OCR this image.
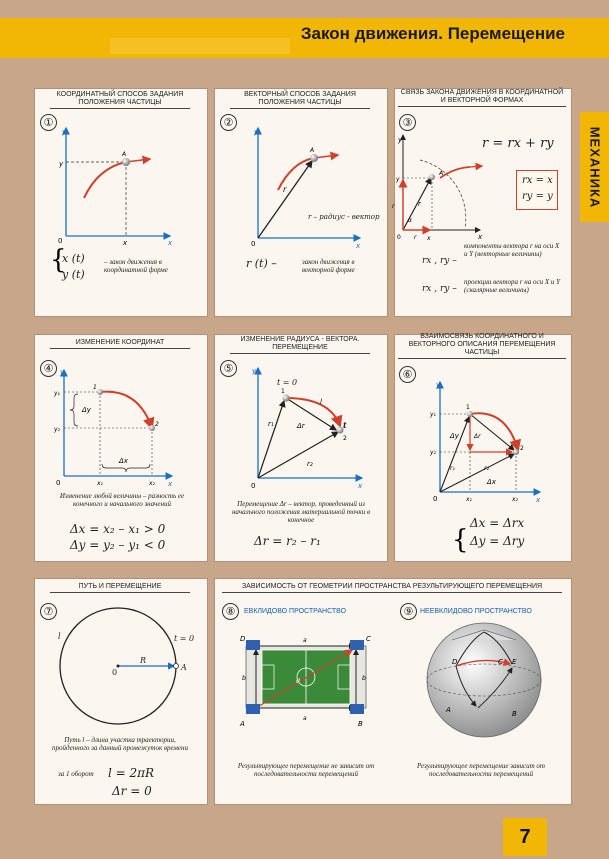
Закон движения. Перемещение
МЕХАНИКА
КООРДИНАТНЫЙ СПОСОБ ЗАДАНИЯ ПОЛОЖЕНИЯ ЧАСТИЦЫ
ВЕКТОРНЫЙ СПОСОБ ЗАДАНИЯ ПОЛОЖЕНИЯ ЧАСТИЦЫ
СВЯЗЬ ЗАКОНА ДВИЖЕНИЯ В КООРДИНАТНОЙ И ВЕКТОРНОЙ ФОРМАХ
ИЗМЕНЕНИЕ КООРДИНАТ	ИЗМЕНЕНИЕ РАДИУСА - ВЕКТОРА. ПЕРЕМЕЩЕНИЕ
ВЗАИМОСВЯЗЬ КООРДИНАТНОГО И ВЕКТОРНОГО ОПИСАНИЯ ПЕРЕМЕЩЕНИЯ ЧАСТИЦЫ
ПУТЬ И ПЕРЕМЕЩЕНИЕ	ЗАВИСИМОСТЬ ОТ ГЕОМЕТРИИ ПРОСТРАНСТВА РЕЗУЛЬТИРУЮЩЕГО ПЕРЕМЕЩЕНИЯ
①	②	③
④	⑤	⑥
⑦	⑧	⑨
y
x
y
x
A
0
{
y
x
A
r
0
y
x
y
x
0
r
α
r
r
A
y₁
y₂
x₁	x₂
Δy
Δx
y
x
1
2
0
r₁
r₂
Δr
l
1
2
y
x
0
y₁
y₂
x₁	x₂
Δy
Δx
Δr
r₁	r₂
1
2
y
x
0
{
D	C
A	B
a
a
b	b
d
D	C E
A	B
x (t)
y (t)
– закон движения в координатной форме
r – радиус - вектор
r (t) –	закон движения в векторной форме
r = rx + ry
rx = x
ry = y
rx , ry –
компоненты вектора r на оси X и Y (векторные величины)
rx , ry –
проекции вектора r на оси X и Y (скалярные величины)
Изменение любой величины – разность ее конечного и начального значений
Δx = x₂ – x₁ > 0
Δy = y₂ – y₁ < 0
t = 0
t
Перемещение Δr – вектор, проведенный из начального положения материальной точки в конечное
Δr = r₂ – r₁
Δx = Δrx
Δy = Δry
l	t = 0
R
A
0
Путь l – длина участка траектории, пройденного за данный промежуток времени
за 1 оборот	l = 2πR
Δr = 0
ЕВКЛИДОВО ПРОСТРАНСТВО
Результирующее перемещение не зависит от последовательности перемещений
НЕЕВКЛИДОВО ПРОСТРАНСТВО
Результирующее перемещение зависит от последовательности перемещений
7
